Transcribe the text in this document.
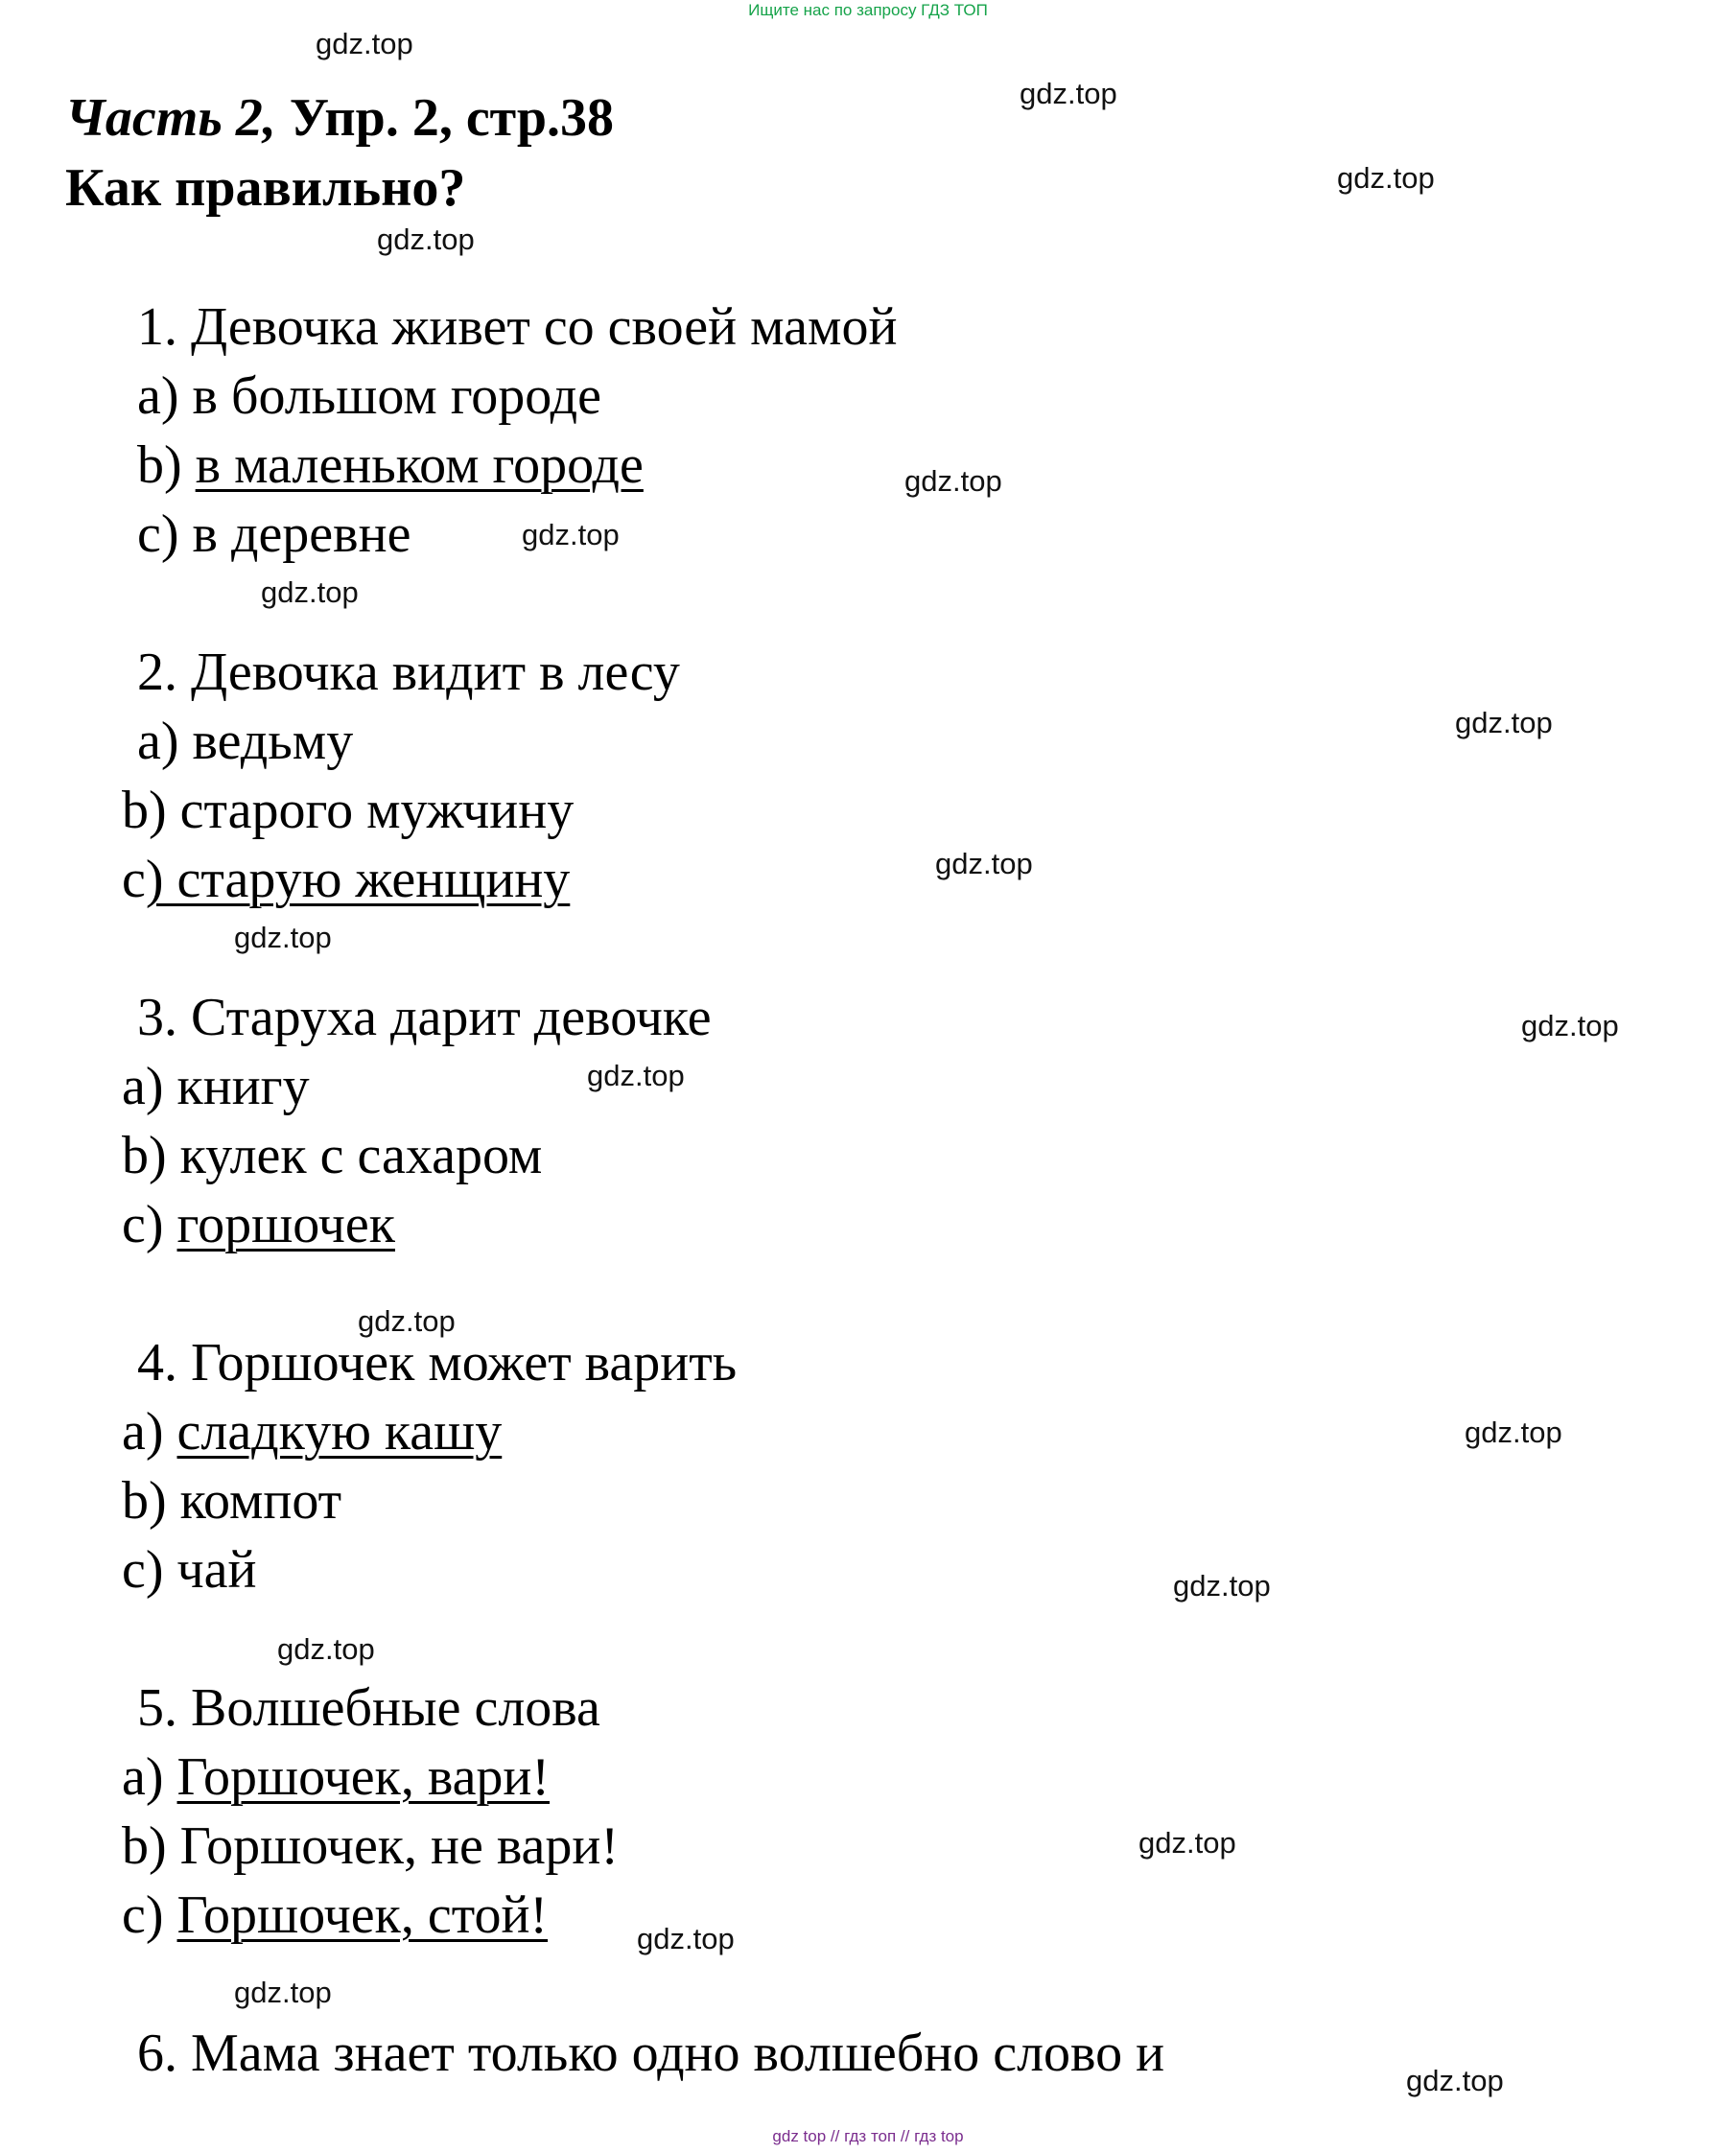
Ищите нас по запросу ГДЗ ТОП
Часть 2, Упр. 2, стр.38
Как правильно?
1. Девочка живет со своей мамой
a) в большом городе
b) в маленьком городе
c) в деревне
2. Девочка видит в лесу
a) ведьму
b) старого мужчину
c) старую женщину
3. Старуха дарит девочке
a) книгу
b) кулек с сахаром
c) горшочек
4. Горшочек может варить
a) сладкую кашу
b) компот
c) чай
5. Волшебные слова
a) Горшочек, вари!
b) Горшочек, не вари!
c) Горшочек, стой!
6. Мама знает только одно волшебно слово и
gdz.top
gdz.top
gdz.top
gdz.top
gdz.top
gdz.top
gdz.top
gdz.top
gdz.top
gdz.top
gdz.top
gdz.top
gdz.top
gdz.top
gdz.top
gdz.top
gdz.top
gdz.top
gdz.top
gdz.top
gdz top // гдз топ // гдз top
